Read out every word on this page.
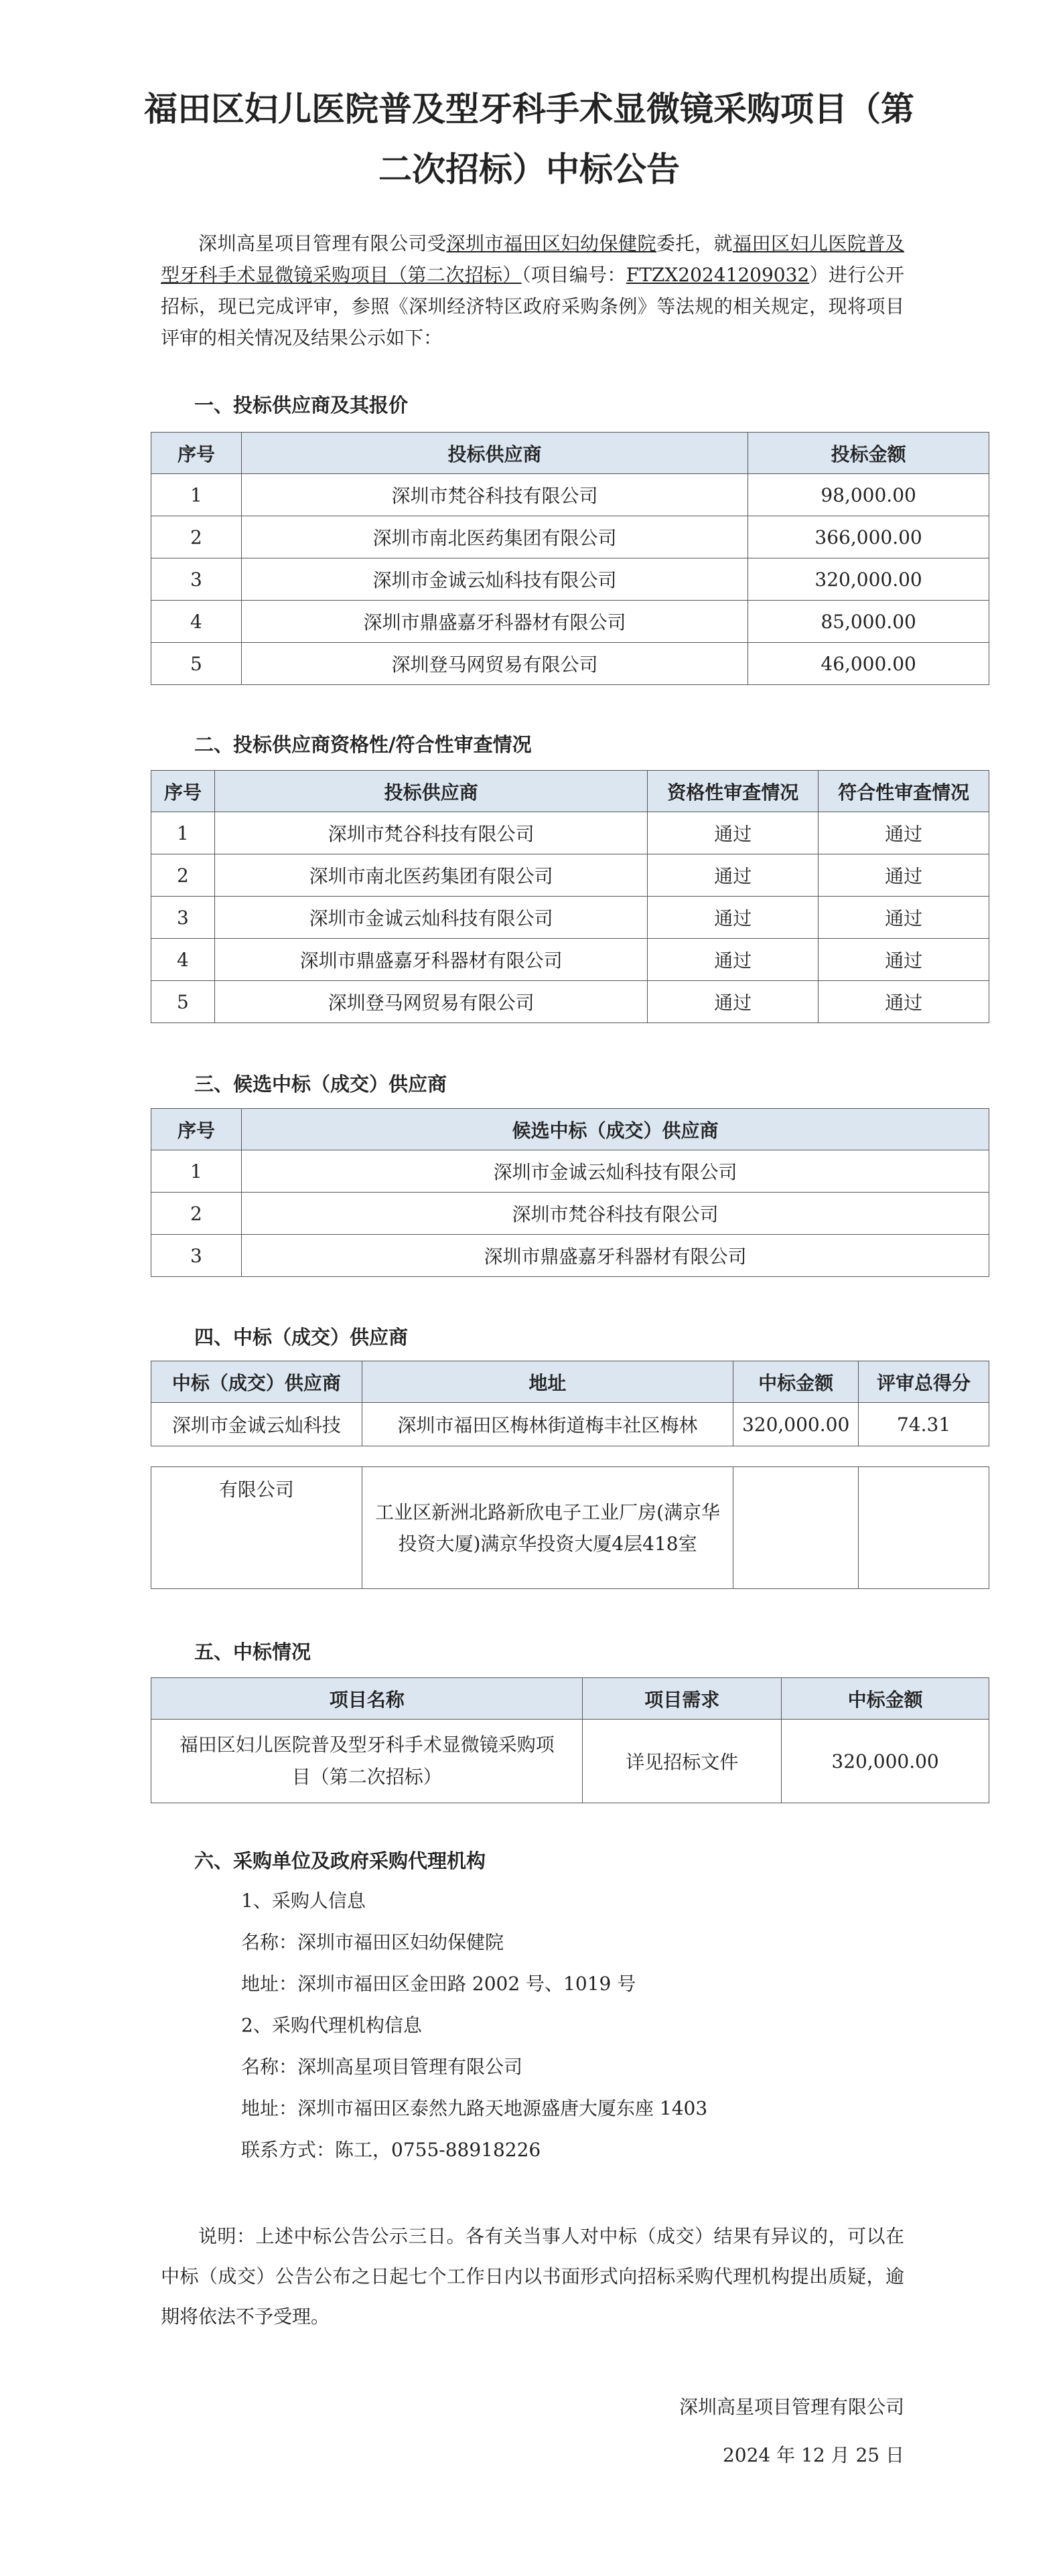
福田区妇儿医院普及型牙科手术显微镜采购项目（第二次招标）中标公告

深圳高星项目管理有限公司受深圳市福田区妇幼保健院委托，就福田区妇儿医院普及型牙科手术显微镜采购项目（第二次招标）（项目编号：FTZX20241209032）进行公开招标，现已完成评审，参照《深圳经济特区政府采购条例》等法规的相关规定，现将项目评审的相关情况及结果公示如下：

一、投标供应商及其报价
序号	投标供应商	投标金额
1	深圳市梵谷科技有限公司	98,000.00
2	深圳市南北医药集团有限公司	366,000.00
3	深圳市金诚云灿科技有限公司	320,000.00
4	深圳市鼎盛嘉牙科器材有限公司	85,000.00
5	深圳登马网贸易有限公司	46,000.00
二、投标供应商资格性/符合性审查情况
序号	投标供应商	资格性审查情况	符合性审查情况
1	深圳市梵谷科技有限公司	通过	通过
2	深圳市南北医药集团有限公司	通过	通过
3	深圳市金诚云灿科技有限公司	通过	通过
4	深圳市鼎盛嘉牙科器材有限公司	通过	通过
5	深圳登马网贸易有限公司	通过	通过
三、候选中标（成交）供应商
序号	候选中标（成交）供应商
1	深圳市金诚云灿科技有限公司
2	深圳市梵谷科技有限公司
3	深圳市鼎盛嘉牙科器材有限公司
四、中标（成交）供应商
中标（成交）供应商	地址	中标金额	评审总得分
深圳市金诚云灿科技	深圳市福田区梅林街道梅丰社区梅林	320,000.00	74.31
有限公司	工业区新洲北路新欣电子工业厂房(满京华投资大厦)满京华投资大厦4层418室		
五、中标情况
项目名称	项目需求	中标金额
福田区妇儿医院普及型牙科手术显微镜采购项目（第二次招标）	详见招标文件	320,000.00
六、采购单位及政府采购代理机构

1、采购人信息

名称：深圳市福田区妇幼保健院

地址：深圳市福田区金田路 2002 号、1019 号

2、采购代理机构信息

名称：深圳高星项目管理有限公司

地址：深圳市福田区泰然九路天地源盛唐大厦东座 1403

联系方式：陈工，0755-88918226

说明：上述中标公告公示三日。各有关当事人对中标（成交）结果有异议的，可以在中标（成交）公告公布之日起七个工作日内以书面形式向招标采购代理机构提出质疑，逾期将依法不予受理。

深圳高星项目管理有限公司

2024 年 12 月 25 日
